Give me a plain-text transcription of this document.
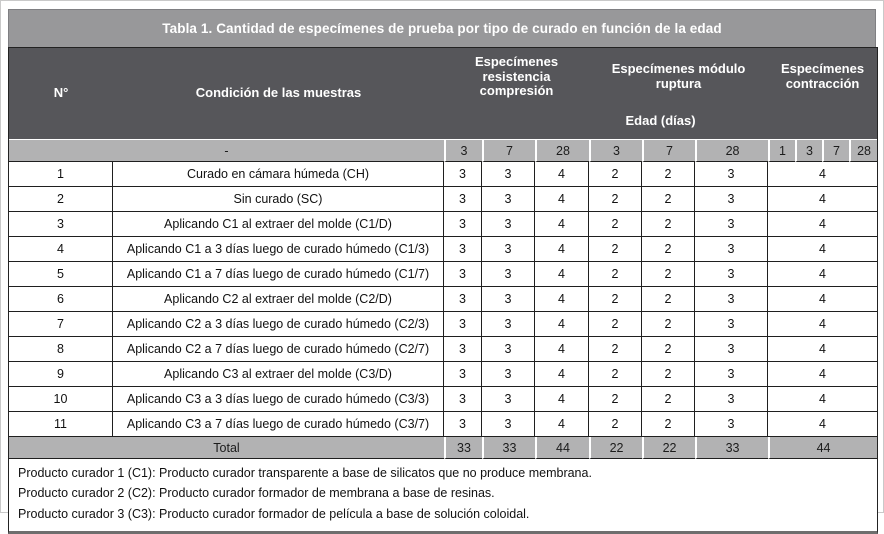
Tabla 1. Cantidad de especímenes de prueba por tipo de curado en función de la edad
N°	Condición de las muestras	Especímenes resistencia compresión			Especímenes módulo ruptura			Especímenes contracción			
		Edad (días)									
-		3	7	28	3	7	28	1	3	7	28
1	Curado en cámara húmeda (CH)	3	3	4	2	2	3	4			
2	Sin curado (SC)	3	3	4	2	2	3	4			
3	Aplicando C1 al extraer del molde (C1/D)	3	3	4	2	2	3	4			
4	Aplicando C1 a 3 días luego de curado húmedo (C1/3)	3	3	4	2	2	3	4			
5	Aplicando C1 a 7 días luego de curado húmedo (C1/7)	3	3	4	2	2	3	4			
6	Aplicando C2 al extraer del molde (C2/D)	3	3	4	2	2	3	4			
7	Aplicando C2 a 3 días luego de curado húmedo (C2/3)	3	3	4	2	2	3	4			
8	Aplicando C2 a 7 días luego de curado húmedo (C2/7)	3	3	4	2	2	3	4			
9	Aplicando C3 al extraer del molde (C3/D)	3	3	4	2	2	3	4			
10	Aplicando C3 a 3 días luego de curado húmedo (C3/3)	3	3	4	2	2	3	4			
11	Aplicando C3 a 7 días luego de curado húmedo (C3/7)	3	3	4	2	2	3	4			
Total		33	33	44	22	22	33	44			

Producto curador 1 (C1): Producto curador transparente a base de silicatos que no produce membrana.
Producto curador 2 (C2): Producto curador formador de membrana a base de resinas.
Producto curador 3 (C3): Producto curador formador de película a base de solución coloidal.											
